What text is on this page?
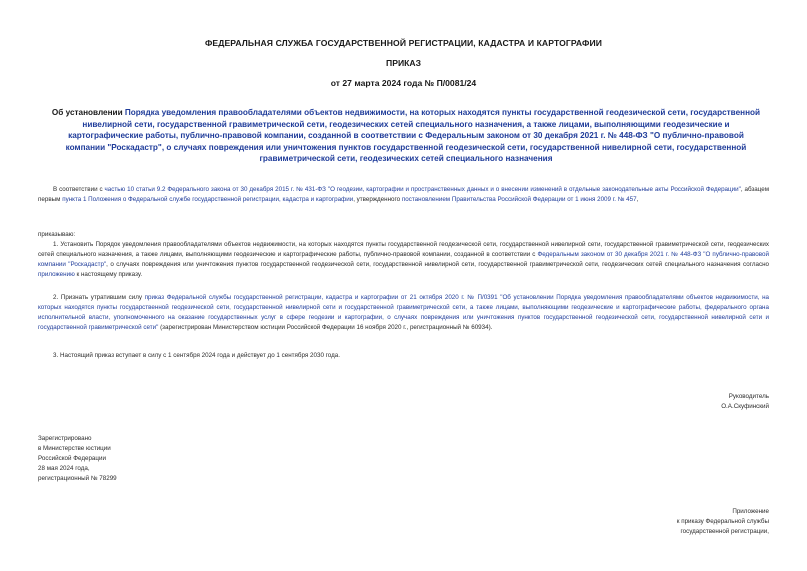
ФЕДЕРАЛЬНАЯ СЛУЖБА ГОСУДАРСТВЕННОЙ РЕГИСТРАЦИИ, КАДАСТРА И КАРТОГРАФИИ
ПРИКАЗ
от 27 марта 2024 года № П/0081/24
Об установлении Порядка уведомления правообладателями объектов недвижимости, на которых находятся пункты государственной геодезической сети, государственной нивелирной сети, государственной гравиметрической сети, геодезических сетей специального назначения, а также лицами, выполняющими геодезические и картографические работы, публично-правовой компании, созданной в соответствии с Федеральным законом от 30 декабря 2021 г. № 448-ФЗ "О публично-правовой компании "Роскадастр", о случаях повреждения или уничтожения пунктов государственной геодезической сети, государственной нивелирной сети, государственной гравиметрической сети, геодезических сетей специального назначения
В соответствии с частью 10 статьи 9.2 Федерального закона от 30 декабря 2015 г. № 431-ФЗ "О геодезии, картографии и пространственных данных и о внесении изменений в отдельные законодательные акты Российской Федерации", абзацем первым пункта 1 Положения о Федеральной службе государственной регистрации, кадастра и картографии, утвержденного постановлением Правительства Российской Федерации от 1 июня 2009 г. № 457,
приказываю:
1. Установить Порядок уведомления правообладателями объектов недвижимости, на которых находятся пункты государственной геодезической сети, государственной нивелирной сети, государственной гравиметрической сети, геодезических сетей специального назначения, а также лицами, выполняющими геодезические и картографические работы, публично-правовой компании, созданной в соответствии с Федеральным законом от 30 декабря 2021 г. № 448-ФЗ "О публично-правовой компании "Роскадастр", о случаях повреждения или уничтожения пунктов государственной геодезической сети, государственной нивелирной сети, государственной гравиметрической сети, геодезических сетей специального назначения согласно приложению к настоящему приказу.
2. Признать утратившим силу приказ Федеральной службы государственной регистрации, кадастра и картографии от 21 октября 2020 г. № П/0391 "Об установлении Порядка уведомления правообладателями объектов недвижимости, на которых находятся пункты государственной геодезической сети, государственной нивелирной сети и государственной гравиметрической сети, а также лицами, выполняющими геодезические и картографические работы, федерального органа исполнительной власти, уполномоченного на оказание государственных услуг в сфере геодезии и картографии, о случаях повреждения или уничтожения пунктов государственной геодезической сети, государственной нивелирной сети и государственной гравиметрической сети" (зарегистрирован Министерством юстиции Российской Федерации 16 ноября 2020 г., регистрационный № 60934).
3. Настоящий приказ вступает в силу с 1 сентября 2024 года и действует до 1 сентября 2030 года.
Руководитель
О.А.Скуфинский
Зарегистрировано
в Министерстве юстиции
Российской Федерации
28 мая 2024 года,
регистрационный № 78299
Приложение
к приказу Федеральной службы
государственной регистрации,
